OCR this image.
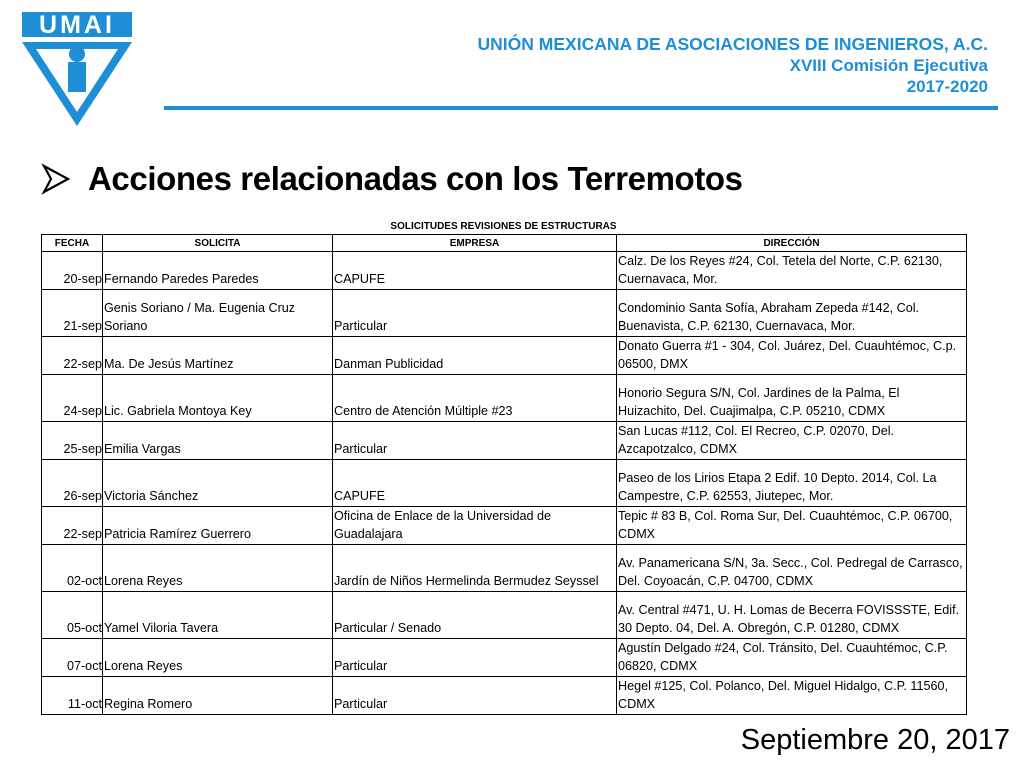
UMAI
UNIÓN MEXICANA DE ASOCIACIONES DE INGENIEROS, A.C.
XVIII Comisión Ejecutiva
2017-2020
Acciones relacionadas con los Terremotos
SOLICITUDES REVISIONES DE ESTRUCTURAS
FECHA	SOLICITA	EMPRESA	DIRECCIÓN
20-sep	Fernando Paredes Paredes	CAPUFE	Calz. De los Reyes #24, Col. Tetela del Norte, C.P. 62130, Cuernavaca, Mor.
21-sep	Genis Soriano / Ma. Eugenia Cruz Soriano	Particular	Condominio Santa Sofía, Abraham Zepeda #142, Col. Buenavista, C.P. 62130, Cuernavaca, Mor.
22-sep	Ma. De Jesús Martínez	Danman Publicidad	Donato Guerra #1 - 304, Col. Juárez, Del. Cuauhtémoc, C.p. 06500, DMX
24-sep	Lic. Gabriela Montoya Key	Centro de Atención Múltiple #23	Honorio Segura S/N, Col. Jardines de la Palma, El Huizachito, Del. Cuajimalpa, C.P. 05210, CDMX
25-sep	Emilia Vargas	Particular	San Lucas #112, Col. El Recreo, C.P. 02070, Del. Azcapotzalco, CDMX
26-sep	Victoria Sánchez	CAPUFE	Paseo de los Lirios Etapa 2 Edif. 10 Depto. 2014, Col. La Campestre, C.P. 62553, Jiutepec, Mor.
22-sep	Patricia Ramírez Guerrero	Oficina de Enlace de la Universidad de Guadalajara	Tepic # 83 B, Col. Roma Sur, Del. Cuauhtémoc, C.P. 06700, CDMX
02-oct	Lorena Reyes	Jardín de Niños Hermelinda Bermudez Seyssel	Av. Panamericana S/N, 3a. Secc., Col. Pedregal de Carrasco, Del. Coyoacán, C.P. 04700, CDMX
05-oct	Yamel Viloria Tavera	Particular / Senado	Av. Central #471, U. H. Lomas de Becerra FOVISSSTE, Edif. 30 Depto. 04, Del. A. Obregón, C.P. 01280, CDMX
07-oct	Lorena Reyes	Particular	Agustín Delgado #24, Col. Tránsito, Del. Cuauhtémoc, C.P. 06820, CDMX
11-oct	Regina Romero	Particular	Hegel #125, Col. Polanco, Del. Miguel Hidalgo, C.P. 11560, CDMX
Septiembre 20, 2017
